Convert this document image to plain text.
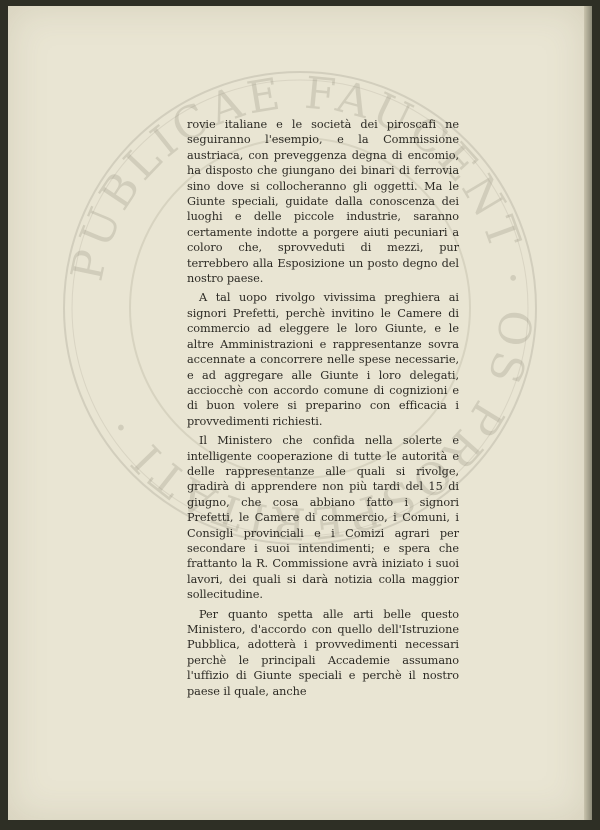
PUBLICAE FAUCENT · OS PROSPERITATI ·

rovie italiane e le società dei piroscafi ne seguiranno l'esempio, e la Commissione austriaca, con preveggenza degna di encomio, ha disposto che giungano dei binari di ferrovia sino dove si collocheranno gli oggetti. Ma le Giunte speciali, guidate dalla conoscenza dei luoghi e delle piccole industrie, saranno certamente indotte a porgere aiuti pecuniari a coloro che, sprovveduti di mezzi, pur terrebbero alla Esposizione un posto degno del nostro paese.

A tal uopo rivolgo vivissima preghiera ai signori Prefetti, perchè invitino le Camere di commercio ad eleggere le loro Giunte, e le altre Amministrazioni e rappresentanze sovra accennate a concorrere nelle spese necessarie, e ad aggregare alle Giunte i loro delegati, acciocchè con accordo comune di cognizioni e di buon volere si preparino con efficacia i provvedimenti richiesti.

Il Ministero che confida nella solerte e intelligente cooperazione di tutte le autorità e delle rappresentanze alle quali si rivolge, gradirà di apprendere non più tardi del 15 di giugno, che cosa abbiano fatto i signori Prefetti, le Camere di commercio, i Comuni, i Consigli provinciali e i Comizi agrari per secondare i suoi intendimenti; e spera che frattanto la R. Commissione avrà iniziato i suoi lavori, dei quali si darà notizia colla maggior sollecitudine.

Per quanto spetta alle arti belle questo Ministero, d'accordo con quello dell'Istruzione Pubblica, adotterà i provvedimenti necessari perchè le principali Accademie assumano l'uffizio di Giunte speciali e perchè il nostro paese il quale, anche
